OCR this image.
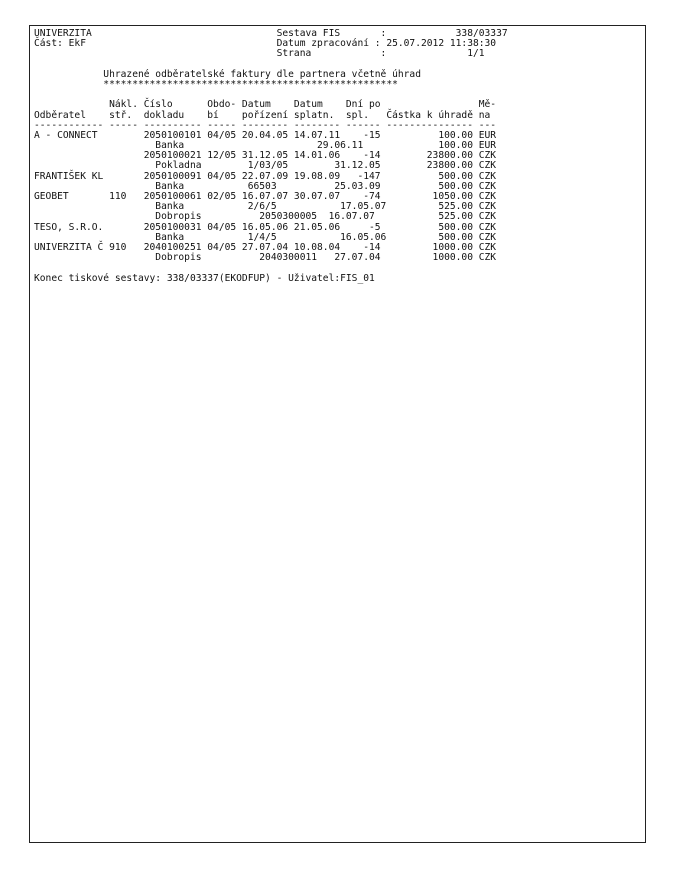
UNIVERZITA                                Sestava FIS       :            338/03337
Část: EkF                                 Datum zpracování : 25.07.2012 11:38:30
Strana            :              1/1
Uhrazené odběratelské faktury dle partnera včetně úhrad
***************************************************
Nákl. Číslo      Obdo- Datum    Datum    Dní po                 Mě-
Odběratel    stř.  dokladu    bí    pořízení splatn.  spl.   Částka k úhradě na
------------ ----- ---------- ----- -------- -------- ------ --------------- ---
A - CONNECT        2050100101 04/05 20.04.05 14.07.11    -15          100.00 EUR
Banka                       29.06.11             100.00 EUR
2050100021 12/05 31.12.05 14.01.06    -14        23800.00 CZK
Pokladna        1/03/05        31.12.05        23800.00 CZK
FRANTIŠEK KL       2050100091 04/05 22.07.09 19.08.09   -147          500.00 CZK
Banka           66503          25.03.09          500.00 CZK
GEOBET       110   2050100061 02/05 16.07.07 30.07.07    -74         1050.00 CZK
Banka           2/6/5           17.05.07         525.00 CZK
Dobropis          2050300005  16.07.07           525.00 CZK
TESO, S.R.O.       2050100031 04/05 16.05.06 21.05.06     -5          500.00 CZK
Banka           1/4/5           16.05.06         500.00 CZK
UNIVERZITA Č 910   2040100251 04/05 27.07.04 10.08.04    -14         1000.00 CZK
Dobropis          2040300011   27.07.04         1000.00 CZK
Konec tiskové sestavy: 338/03337(EKODFUP) - Uživatel:FIS_01
